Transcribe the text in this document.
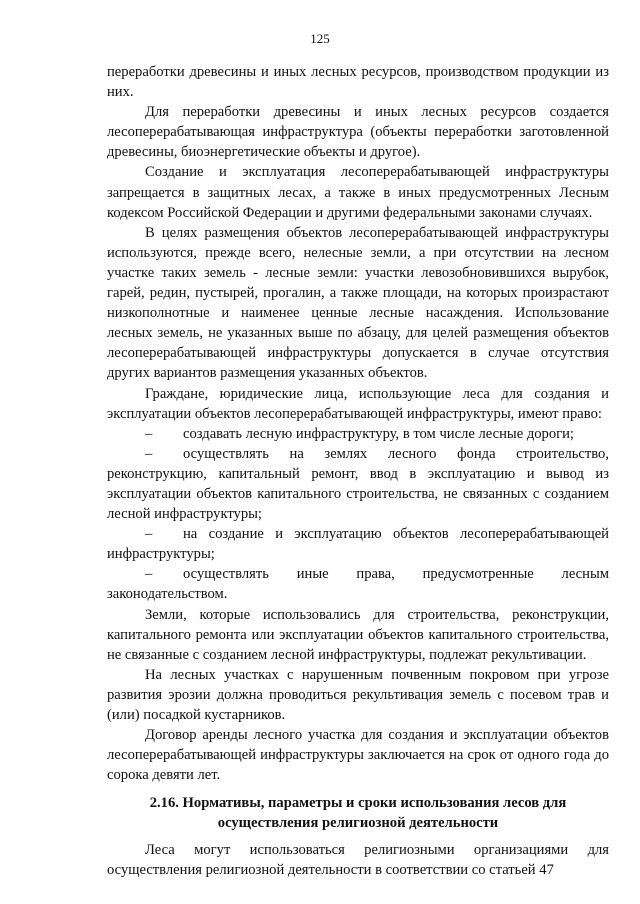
125

переработки древесины и иных лесных ресурсов, производством продукции из них.

Для переработки древесины и иных лесных ресурсов создается лесоперерабатывающая инфраструктура (объекты переработки заготовленной древесины, биоэнергетические объекты и другое).

Создание и эксплуатация лесоперерабатывающей инфраструктуры запрещается в защитных лесах, а также в иных предусмотренных Лесным кодексом Российской Федерации и другими федеральными законами случаях.

В целях размещения объектов лесоперерабатывающей инфраструктуры используются, прежде всего, нелесные земли, а при отсутствии на лесном участке таких земель - лесные земли: участки левозобновившихся вырубок, гарей, редин, пустырей, прогалин, а также площади, на которых произрастают низкополнотные и наименее ценные лесные насаждения. Использование лесных земель, не указанных выше по абзацу, для целей размещения объектов лесоперерабатывающей инфраструктуры допускается в случае отсутствия других вариантов размещения указанных объектов.

Граждане, юридические лица, использующие леса для создания и эксплуатации объектов лесоперерабатывающей инфраструктуры, имеют право:

– создавать лесную инфраструктуру, в том числе лесные дороги;

– осуществлять на землях лесного фонда строительство, реконструкцию, капитальный ремонт, ввод в эксплуатацию и вывод из эксплуатации объектов капитального строительства, не связанных с созданием лесной инфраструктуры;

– на создание и эксплуатацию объектов лесоперерабатывающей инфраструктуры;

– осуществлять иные права, предусмотренные лесным законодательством.

Земли, которые использовались для строительства, реконструкции, капитального ремонта или эксплуатации объектов капитального строительства, не связанные с созданием лесной инфраструктуры, подлежат рекультивации.

На лесных участках с нарушенным почвенным покровом при угрозе развития эрозии должна проводиться рекультивация земель с посевом трав и (или) посадкой кустарников.

Договор аренды лесного участка для создания и эксплуатации объектов лесоперерабатывающей инфраструктуры заключается на срок от одного года до сорока девяти лет.

2.16. Нормативы, параметры и сроки использования лесов для
осуществления религиозной деятельности

Леса могут использоваться религиозными организациями для осуществления религиозной деятельности в соответствии со статьей 47
